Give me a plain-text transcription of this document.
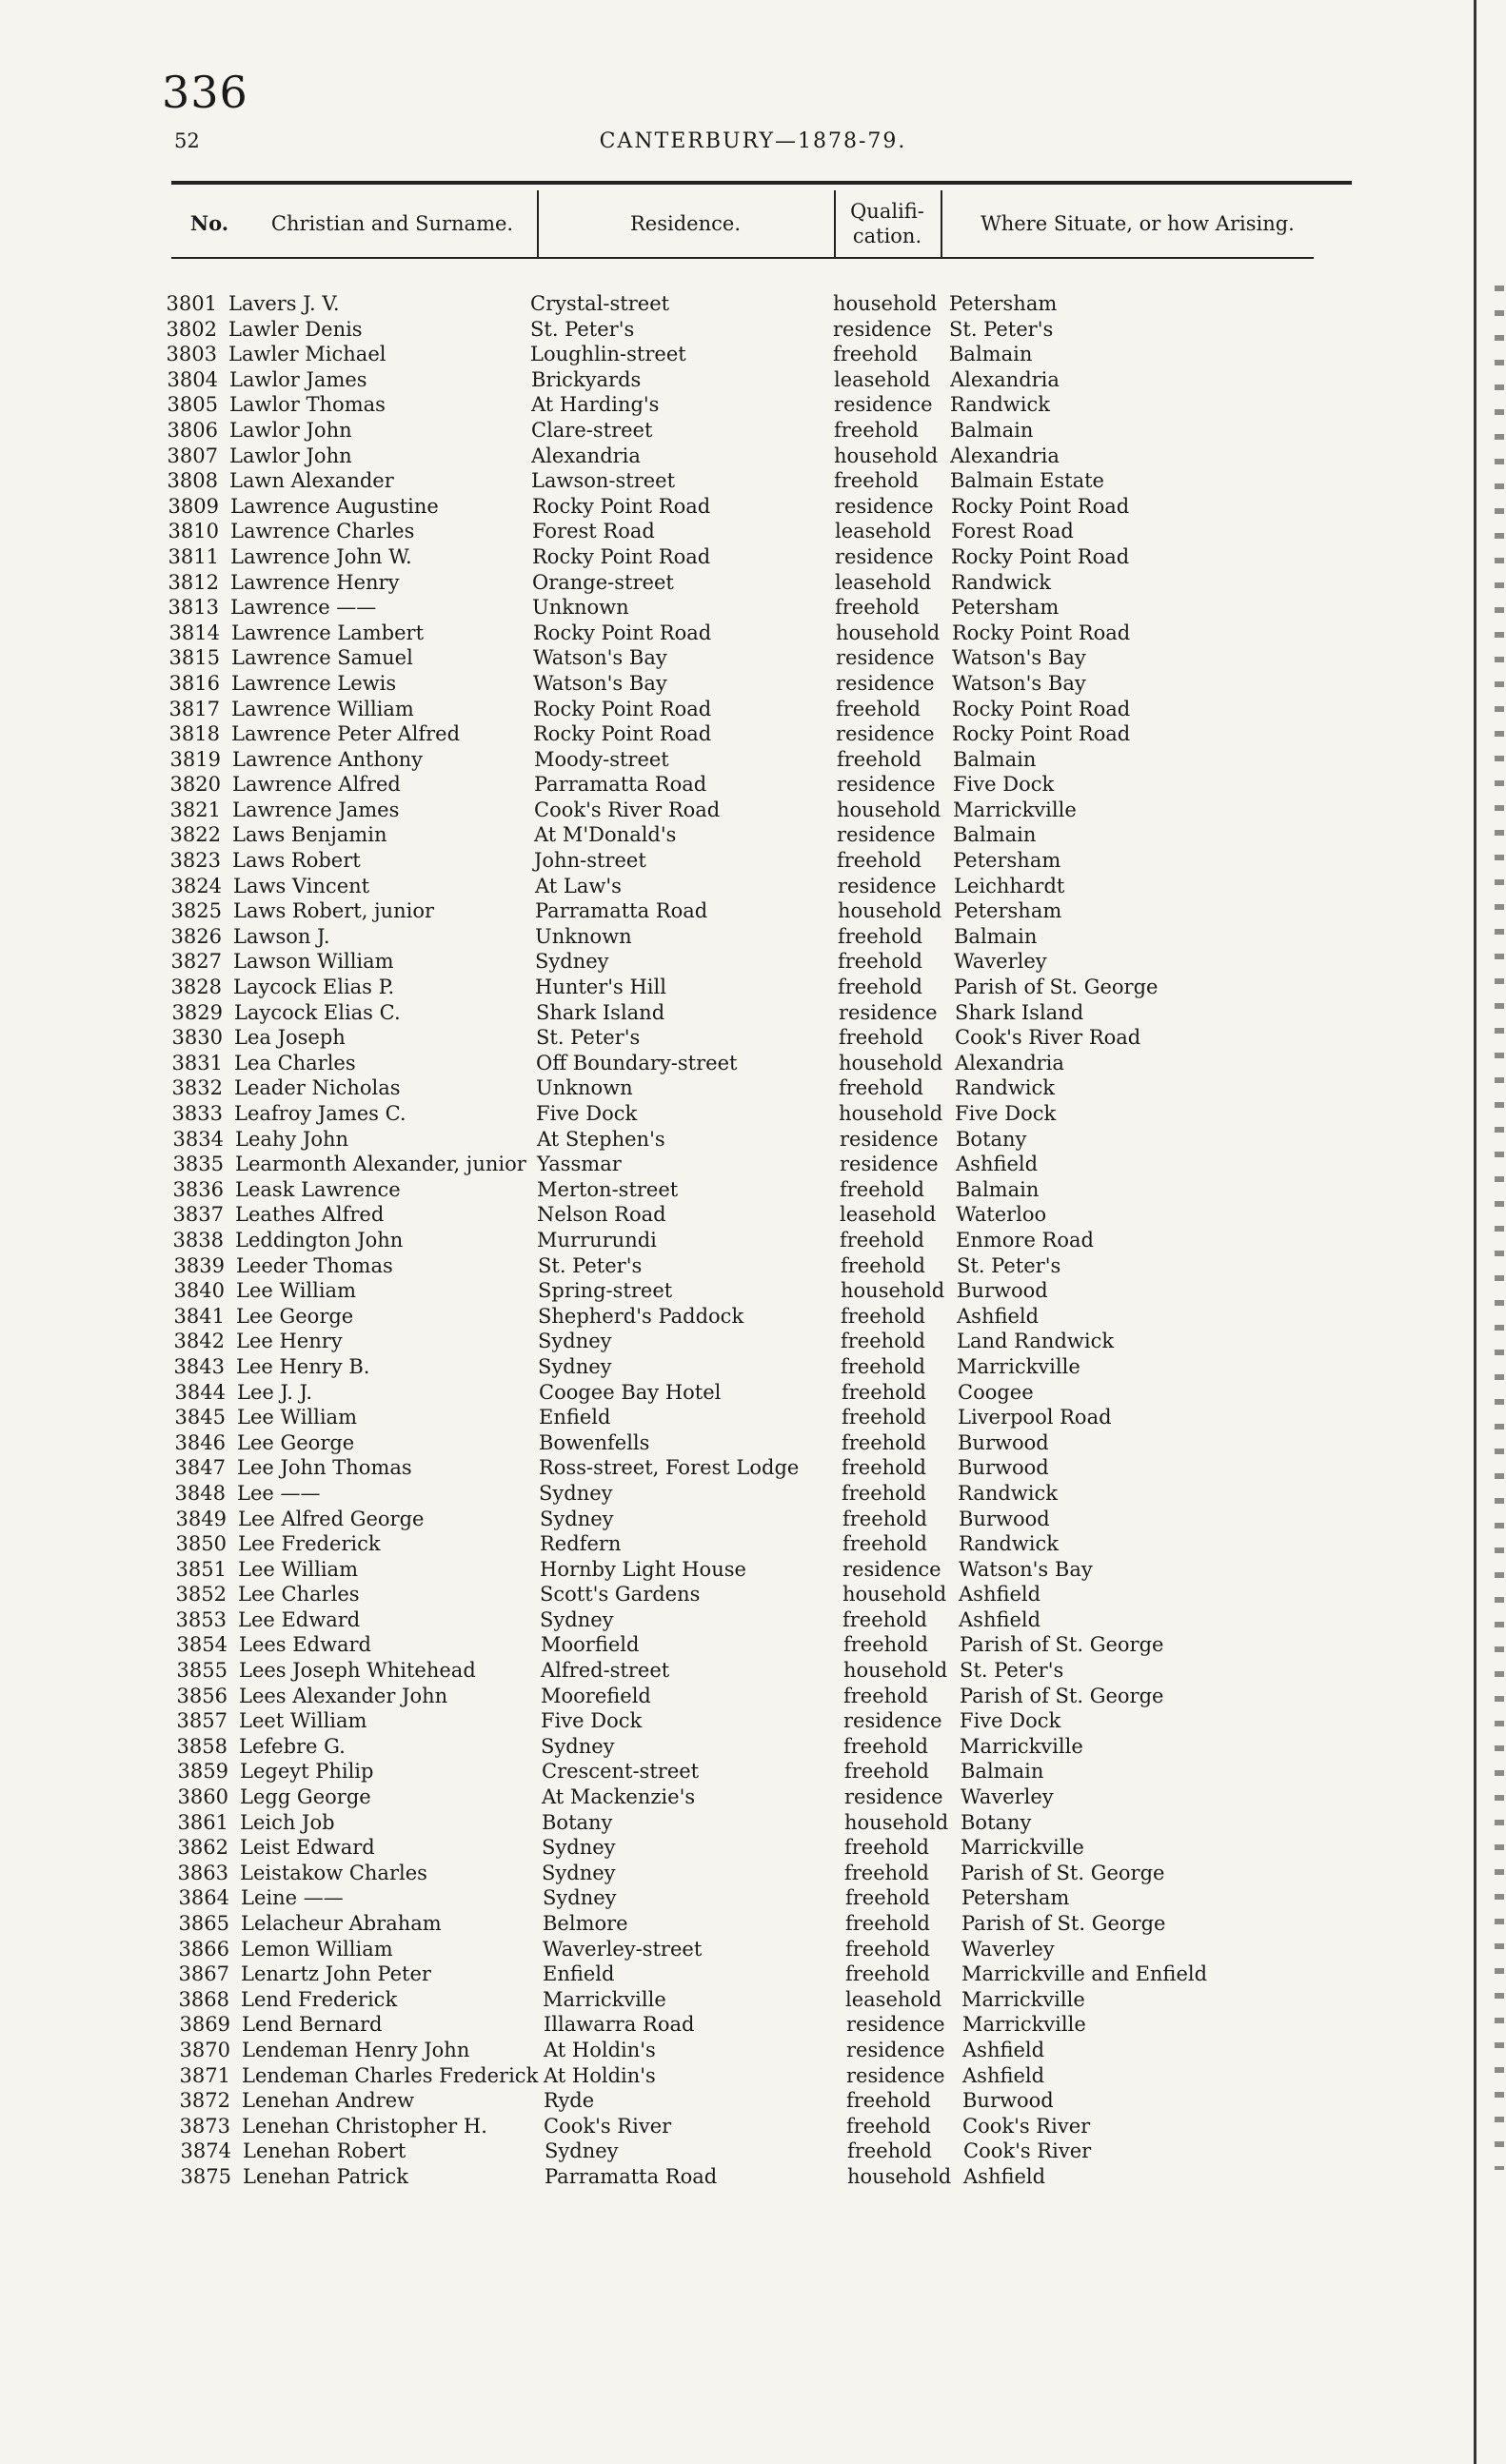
336
52	CANTERBURY—1878-79.
No.	Christian and Surname.	Residence.
Qualifi-
cation.
Where Situate, or how Arising.
3801 Lavers J. V.	Crystal-street	household Petersham
3802 Lawler Denis	St. Peter's	residence St. Peter's
3803 Lawler Michael	Loughlin-street	freehold Balmain
3804 Lawlor James	Brickyards	leasehold Alexandria
3805 Lawlor Thomas	At Harding's	residence Randwick
3806 Lawlor John	Clare-street	freehold Balmain
3807 Lawlor John	Alexandria	household Alexandria
3808 Lawn Alexander	Lawson-street	freehold Balmain Estate
3809 Lawrence Augustine	Rocky Point Road	residence Rocky Point Road
3810 Lawrence Charles	Forest Road	leasehold Forest Road
3811 Lawrence John W.	Rocky Point Road	residence Rocky Point Road
3812 Lawrence Henry	Orange-street	leasehold Randwick
3813 Lawrence ——	Unknown	freehold Petersham
3814 Lawrence Lambert	Rocky Point Road	household Rocky Point Road
3815 Lawrence Samuel	Watson's Bay	residence Watson's Bay
3816 Lawrence Lewis	Watson's Bay	residence Watson's Bay
3817 Lawrence William	Rocky Point Road	freehold Rocky Point Road
3818 Lawrence Peter Alfred	Rocky Point Road	residence Rocky Point Road
3819 Lawrence Anthony	Moody-street	freehold Balmain
3820 Lawrence Alfred	Parramatta Road	residence Five Dock
3821 Lawrence James	Cook's River Road	household Marrickville
3822 Laws Benjamin	At M'Donald's	residence Balmain
3823 Laws Robert	John-street	freehold Petersham
3824 Laws Vincent	At Law's	residence Leichhardt
3825 Laws Robert, junior	Parramatta Road	household Petersham
3826 Lawson J.	Unknown	freehold Balmain
3827 Lawson William	Sydney	freehold Waverley
3828 Laycock Elias P.	Hunter's Hill	freehold Parish of St. George
3829 Laycock Elias C.	Shark Island	residence Shark Island
3830 Lea Joseph	St. Peter's	freehold Cook's River Road
3831 Lea Charles	Off Boundary-street	household Alexandria
3832 Leader Nicholas	Unknown	freehold Randwick
3833 Leafroy James C.	Five Dock	household Five Dock
3834 Leahy John	At Stephen's	residence Botany
3835 Learmonth Alexander, junior Yassmar	residence Ashfield
3836 Leask Lawrence	Merton-street	freehold Balmain
3837 Leathes Alfred	Nelson Road	leasehold Waterloo
3838 Leddington John	Murrurundi	freehold Enmore Road
3839 Leeder Thomas	St. Peter's	freehold St. Peter's
3840 Lee William	Spring-street	household Burwood
3841 Lee George	Shepherd's Paddock	freehold Ashfield
3842 Lee Henry	Sydney	freehold Land Randwick
3843 Lee Henry B.	Sydney	freehold Marrickville
3844 Lee J. J.	Coogee Bay Hotel	freehold Coogee
3845 Lee William	Enfield	freehold Liverpool Road
3846 Lee George	Bowenfells	freehold Burwood
3847 Lee John Thomas	Ross-street, Forest Lodge freehold Burwood
3848 Lee ——	Sydney	freehold Randwick
3849 Lee Alfred George	Sydney	freehold Burwood
3850 Lee Frederick	Redfern	freehold Randwick
3851 Lee William	Hornby Light House	residence Watson's Bay
3852 Lee Charles	Scott's Gardens	household Ashfield
3853 Lee Edward	Sydney	freehold Ashfield
3854 Lees Edward	Moorfield	freehold Parish of St. George
3855 Lees Joseph Whitehead	Alfred-street	household St. Peter's
3856 Lees Alexander John	Moorefield	freehold Parish of St. George
3857 Leet William	Five Dock	residence Five Dock
3858 Lefebre G.	Sydney	freehold Marrickville
3859 Legeyt Philip	Crescent-street	freehold Balmain
3860 Legg George	At Mackenzie's	residence Waverley
3861 Leich Job	Botany	household Botany
3862 Leist Edward	Sydney	freehold Marrickville
3863 Leistakow Charles	Sydney	freehold Parish of St. George
3864 Leine ——	Sydney	freehold Petersham
3865 Lelacheur Abraham	Belmore	freehold Parish of St. George
3866 Lemon William	Waverley-street	freehold Waverley
3867 Lenartz John Peter	Enfield	freehold Marrickville and Enfield
3868 Lend Frederick	Marrickville	leasehold Marrickville
3869 Lend Bernard	Illawarra Road	residence Marrickville
3870 Lendeman Henry John	At Holdin's	residence Ashfield
3871 Lendeman Charles Frederick At Holdin's	residence Ashfield
3872 Lenehan Andrew	Ryde	freehold Burwood
3873 Lenehan Christopher H.	Cook's River	freehold Cook's River
3874 Lenehan Robert	Sydney	freehold Cook's River
3875 Lenehan Patrick	Parramatta Road	household Ashfield
